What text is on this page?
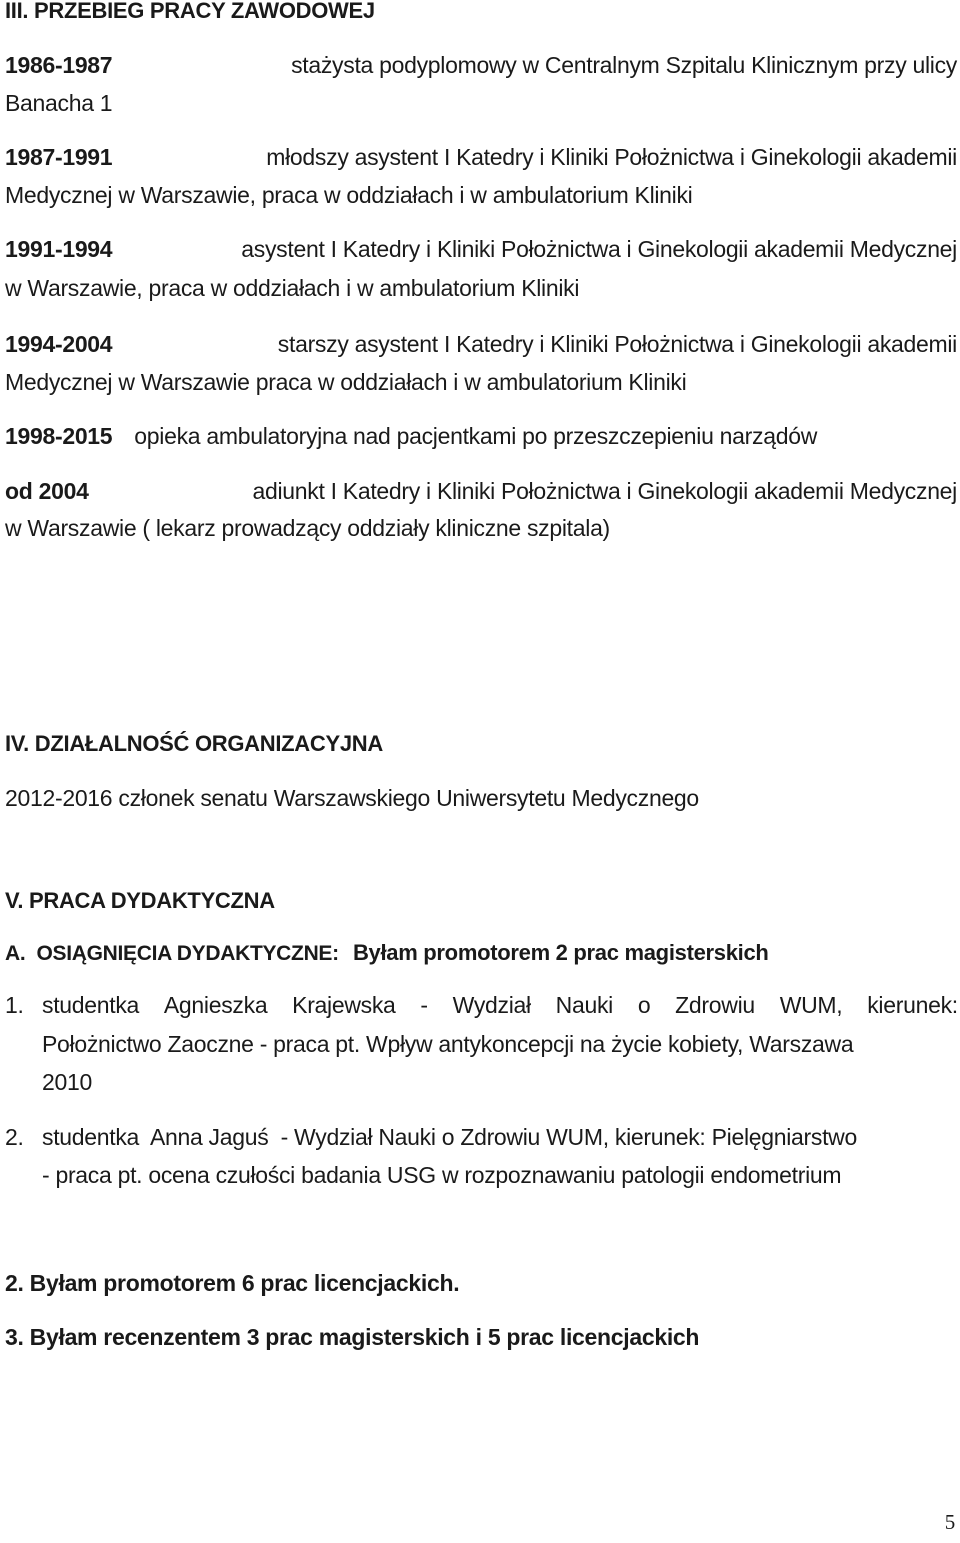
III. PRZEBIEG PRACY ZAWODOWEJ
1986-1987	stażysta podyplomowy w Centralnym Szpitalu Klinicznym przy ulicy
Banacha 1
1987-1991	młodszy asystent I Katedry i Kliniki Położnictwa i Ginekologii akademii
Medycznej w Warszawie, praca w oddziałach i w ambulatorium Kliniki
1991-1994	asystent I Katedry i Kliniki Położnictwa i Ginekologii akademii Medycznej
w Warszawie, praca w oddziałach i w ambulatorium Kliniki
1994-2004	starszy asystent I Katedry i Kliniki Położnictwa i Ginekologii akademii
Medycznej w Warszawie praca w oddziałach i w ambulatorium Kliniki
1998-2015 opieka ambulatoryjna nad pacjentkami po przeszczepieniu narządów
od 2004	adiunkt I Katedry i Kliniki Położnictwa i Ginekologii akademii Medycznej
w Warszawie ( lekarz prowadzący oddziały kliniczne szpitala)
IV. DZIAŁALNOŚĆ ORGANIZACYJNA
2012-2016 członek senatu Warszawskiego Uniwersytetu Medycznego
V. PRACA DYDAKTYCZNA
A.  OSIĄGNIĘCIA DYDAKTYCZNE: Byłam promotorem 2 prac magisterskich
1. studentka Agnieszka Krajewska - Wydział Nauki o Zdrowiu WUM, kierunek:
Położnictwo Zaoczne - praca pt. Wpływ antykoncepcji na życie kobiety, Warszawa
2010
2. studentka  Anna Jaguś  - Wydział Nauki o Zdrowiu WUM, kierunek: Pielęgniarstwo
- praca pt. ocena czułości badania USG w rozpoznawaniu patologii endometrium
2. Byłam promotorem 6 prac licencjackich.
3. Byłam recenzentem 3 prac magisterskich i 5 prac licencjackich
5
